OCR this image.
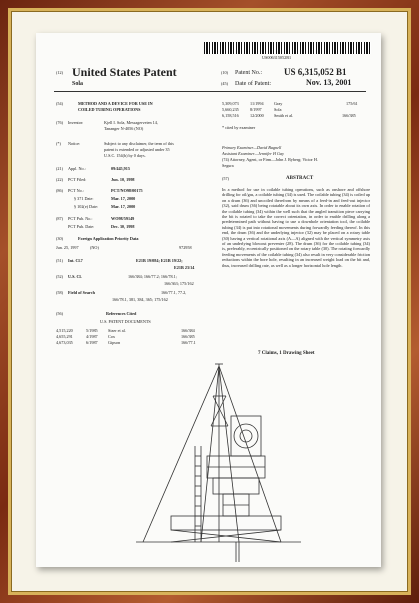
US006315052B1
(12) United States Patent
Sola
(10) Patent No.: US 6,315,052 B1
(45) Date of Patent:	Nov. 13, 2001
(54)	METHOD AND A DEVICE FOR USE IN
COILED TUBING OPERATIONS
(76) Inventor:	Kjell I. Sola, Messagerveien 14,
Tananger N-4056 (NO)
(*) Notice:	Subject to any disclaimer, the term of this
patent is extended or adjusted under 35
U.S.C. 154(b) by 0 days.
(21) Appl. No.:	09/445,915
(22) PCT Filed:	Jun. 10, 1998
(86) PCT No.:	PCT/NO98/00175
§ 371 Date:	Mar. 17, 2000
§ 102(e) Date:	Mar. 17, 2000
(87) PCT Pub. No.:	WO98/59149
PCT Pub. Date:	Dec. 30, 1998
(30)	Foreign Application Priority Data
Jun. 25, 1997	(NO)	972958
(51) Int. Cl.7	E21B 19/084; E21B 19/22;
E21B 23/14
(52) U.S. Cl.	166/384; 166/77.2; 166/78.1;
166/363; 175/162
(58) Field of Search	166/77.1, 77.2,
166/78.1, 381, 384, 365; 175/162
(56)	References Cited
U.S. PATENT DOCUMENTS
4,515,220	5/1985 Sizer et al.	166/384
4,655,291	4/1987 Cox	166/385
4,673,035	6/1987 Gipson	166/77.1
5,309,073	11/1994 Gray	175/61
5,660,235	8/1997	Sola
6,158,516	12/2000 Smith et al.	166/385
* cited by examiner
Primary Examiner—David Bagnell
Assistant Examiner—Jennifer H Gay
(74) Attorney, Agent, or Firm—John J. Ryberg; Victor H.
Segura
(57)	ABSTRACT
In a method for use in coilable tubing operations, such as onshore and offshore drilling for oil/gas, a coilable tubing (34) is used. The coilable tubing (34) is coiled up on a drum (36) and uncoiled therefrom by means of a feed-in and feed-out injector (32), said drum (36) being rotatable about its own axis. In order to enable rotation of the coilable tubing (34) within the well such that the angled transition piece carrying the bit is rotated to take the correct orientation, in order to enable drilling along a predetermined path without having to use a downhole orientation tool, the coilable tubing (34) is put into rotational movements during forwardly feeding thereof. In this end, the drum (36) and the underlying injector (32) may be placed on a rotary table (30) having a vertical rotational axis (A—A) aligned with the vertical symmetry axis of an underlying blowout preventer (28). The drum (36) for the coilable tubing (34) is, preferably, eccentrically positioned on the rotary table (30). The rotating forwardly feeding movements of the coilable tubing (34) also result in very considerable friction reductions within the bore hole, resulting in an increased weight load on the bit and, thus, increased drilling rate, as well as a longer horizontal hole length.
7 Claims, 1 Drawing Sheet
